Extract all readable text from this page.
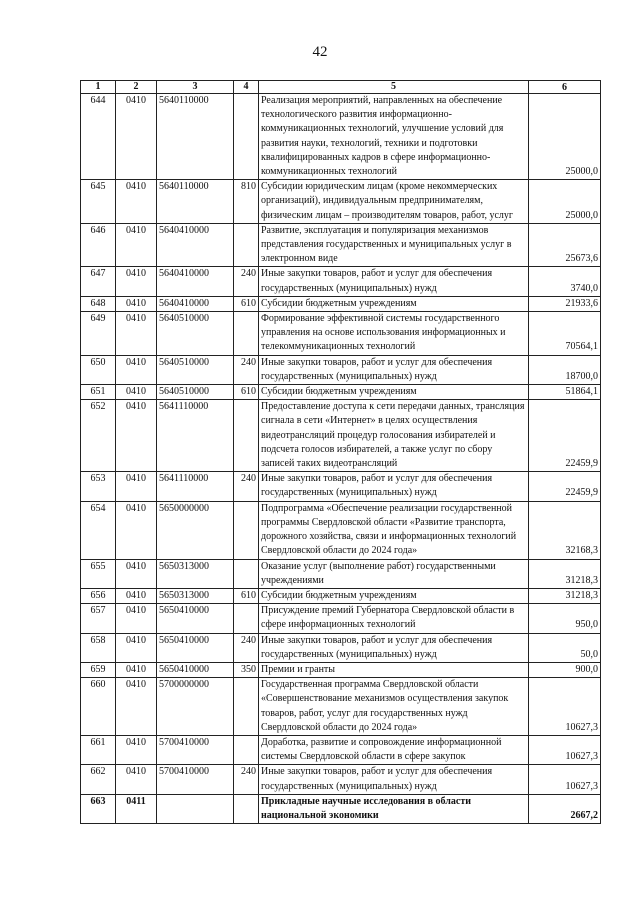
42
1	2	3	4	5	6
644	0410	5640110000		Реализация мероприятий, направленных на обеспечение технологического развития информационно-коммуникационных технологий, улучшение условий для развития науки, технологий, техники и подготовки квалифицированных кадров в сфере информационно-коммуникационных технологий	25000,0
645	0410	5640110000	810	Субсидии юридическим лицам (кроме некоммерческих организаций), индивидуальным предпринимателям, физическим лицам – производителям товаров, работ, услуг	25000,0
646	0410	5640410000		Развитие, эксплуатация и популяризация механизмов представления государственных и муниципальных услуг в электронном виде	25673,6
647	0410	5640410000	240	Иные закупки товаров, работ и услуг для обеспечения государственных (муниципальных) нужд	3740,0
648	0410	5640410000	610	Субсидии бюджетным учреждениям	21933,6
649	0410	5640510000		Формирование эффективной системы государственного управления на основе использования информационных и телекоммуникационных технологий	70564,1
650	0410	5640510000	240	Иные закупки товаров, работ и услуг для обеспечения государственных (муниципальных) нужд	18700,0
651	0410	5640510000	610	Субсидии бюджетным учреждениям	51864,1
652	0410	5641110000		Предоставление доступа к сети передачи данных, трансляция сигнала в сети «Интернет» в целях осуществления видеотрансляций процедур голосования избирателей и подсчета голосов избирателей, а также услуг по сбору записей таких видеотрансляций	22459,9
653	0410	5641110000	240	Иные закупки товаров, работ и услуг для обеспечения государственных (муниципальных) нужд	22459,9
654	0410	5650000000		Подпрограмма «Обеспечение реализации государственной программы Свердловской области «Развитие транспорта, дорожного хозяйства, связи и информационных технологий Свердловской области до 2024 года»	32168,3
655	0410	5650313000		Оказание услуг (выполнение работ) государственными учреждениями	31218,3
656	0410	5650313000	610	Субсидии бюджетным учреждениям	31218,3
657	0410	5650410000		Присуждение премий Губернатора Свердловской области в сфере информационных технологий	950,0
658	0410	5650410000	240	Иные закупки товаров, работ и услуг для обеспечения государственных (муниципальных) нужд	50,0
659	0410	5650410000	350	Премии и гранты	900,0
660	0410	5700000000		Государственная программа Свердловской области «Совершенствование механизмов осуществления закупок товаров, работ, услуг для государственных нужд Свердловской области до 2024 года»	10627,3
661	0410	5700410000		Доработка, развитие и сопровождение информационной системы Свердловской области в сфере закупок	10627,3
662	0410	5700410000	240	Иные закупки товаров, работ и услуг для обеспечения государственных (муниципальных) нужд	10627,3
663	0411			Прикладные научные исследования в области национальной экономики	2667,2
